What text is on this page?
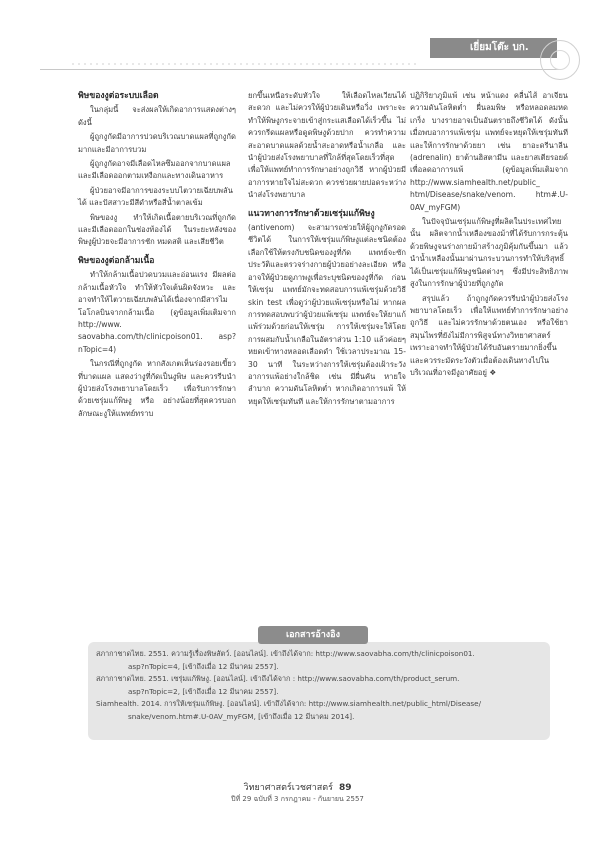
เยี่ยมโต๊ะ บก.
พิษของงูต่อระบบเลือด

ในกลุ่มนี้ จะส่งผลให้เกิดอาการแสดงต่างๆ ดังนี้

ผู้ถูกงูกัดมีอาการปวดบริเวณบาดแผลที่ถูกงูกัดมากและมีอาการบวม

ผู้ถูกงูกัดอาจมีเลือดไหลซึมออกจากบาดแผล และมีเลือดออกตามเหงือกและทางเดินอาหาร

ผู้ป่วยอาจมีอาการของระบบไตวายเฉียบพลันได้ และปัสสาวะมีสีดำหรือสีน้ำตาลเข้ม

พิษของงู ทำให้เกิดเนื้อตายบริเวณที่ถูกกัด และมีเลือดออกในช่องท้องได้ ในระยะหลังของพิษงูผู้ป่วยจะมีอาการชัก หมดสติ และเสียชีวิต

พิษของงูต่อกล้ามเนื้อ

ทำให้กล้ามเนื้อปวดบวมและอ่อนแรง มีผลต่อกล้ามเนื้อหัวใจ ทำให้หัวใจเต้นผิดจังหวะ และอาจทำให้ไตวายเฉียบพลันได้เนื่องจากมีสารไมโอโกลบินจากกล้ามเนื้อ (ดูข้อมูลเพิ่มเติมจาก http://www. saovabha.com/th/clinicpoison01. asp?nTopic=4)

ในกรณีที่ถูกงูกัด หากสังเกตเห็นร่องรอยเขี้ยวที่บาดแผล แสดงว่างูที่กัดเป็นงูพิษ และควรรีบนำผู้ป่วยส่งโรงพยาบาลโดยเร็ว เพื่อรับการรักษาด้วยเซรุ่มแก้พิษงู หรือ อย่างน้อยที่สุดควรบอกลักษณะงูให้แพทย์ทราบ

ยกขึ้นเหนือระดับหัวใจ ให้เลือดไหลเวียนได้สะดวก และไม่ควรให้ผู้ป่วยเดินหรือวิ่ง เพราะจะทำให้พิษงูกระจายเข้าสู่กระแสเลือดได้เร็วขึ้น ไม่ควรกรีดแผลหรือดูดพิษงูด้วยปาก ควรทำความสะอาดบาดแผลด้วยน้ำสะอาดหรือน้ำเกลือ และนำผู้ป่วยส่งโรงพยาบาลที่ใกล้ที่สุดโดยเร็วที่สุด เพื่อให้แพทย์ทำการรักษาอย่างถูกวิธี หากผู้ป่วยมีอาการหายใจไม่สะดวก ควรช่วยผายปอดระหว่างนำส่งโรงพยาบาล

แนวทางการรักษาด้วยเซรุ่มแก้พิษงู

(antivenom) จะสามารถช่วยให้ผู้ถูกงูกัดรอดชีวิตได้ ในการให้เซรุ่มแก้พิษงูแต่ละชนิดต้องเลือกใช้ให้ตรงกับชนิดของงูที่กัด แพทย์จะซักประวัติและตรวจร่างกายผู้ป่วยอย่างละเอียด หรืออาจให้ผู้ป่วยดูภาพงูเพื่อระบุชนิดของงูที่กัด ก่อนให้เซรุ่ม แพทย์มักจะทดสอบการแพ้เซรุ่มด้วยวิธี skin test เพื่อดูว่าผู้ป่วยแพ้เซรุ่มหรือไม่ หากผลการทดสอบพบว่าผู้ป่วยแพ้เซรุ่ม แพทย์จะให้ยาแก้แพ้ร่วมด้วยก่อนให้เซรุ่ม การให้เซรุ่มจะให้โดยการผสมกับน้ำเกลือในอัตราส่วน 1:10 แล้วค่อยๆ หยดเข้าทางหลอดเลือดดำ ใช้เวลาประมาณ 15-30 นาที ในระหว่างการให้เซรุ่มต้องเฝ้าระวังอาการแพ้อย่างใกล้ชิด เช่น มีผื่นคัน หายใจลำบาก ความดันโลหิตต่ำ หากเกิดอาการแพ้ ให้หยุดให้เซรุ่มทันที และให้การรักษาตามอาการ

ปฏิกิริยาภูมิแพ้ เช่น หน้าแดง คลื่นไส้ อาเจียน ความดันโลหิตต่ำ ผื่นลมพิษ หรือหลอดลมหดเกร็ง บางรายอาจเป็นอันตรายถึงชีวิตได้ ดังนั้น เมื่อพบอาการแพ้เซรุ่ม แพทย์จะหยุดให้เซรุ่มทันที และให้การรักษาด้วยยา เช่น ยาอะดรีนาลีน (adrenalin) ยาต้านฮิสตามีน และยาสเตียรอยด์ เพื่อลดอาการแพ้ (ดูข้อมูลเพิ่มเติมจาก http://www.siamhealth.net/public_ html/Disease/snake/venom. htm#.U-0AV_myFGM)

ในปัจจุบันเซรุ่มแก้พิษงูที่ผลิตในประเทศไทยนั้น ผลิตจากน้ำเหลืองของม้าที่ได้รับการกระตุ้นด้วยพิษงูจนร่างกายม้าสร้างภูมิคุ้มกันขึ้นมา แล้วนำน้ำเหลืองนั้นมาผ่านกระบวนการทำให้บริสุทธิ์ ได้เป็นเซรุ่มแก้พิษงูชนิดต่างๆ ซึ่งมีประสิทธิภาพสูงในการรักษาผู้ป่วยที่ถูกงูกัด

สรุปแล้ว ถ้าถูกงูกัดควรรีบนำผู้ป่วยส่งโรงพยาบาลโดยเร็ว เพื่อให้แพทย์ทำการรักษาอย่างถูกวิธี และไม่ควรรักษาด้วยตนเอง หรือใช้ยาสมุนไพรที่ยังไม่มีการพิสูจน์ทางวิทยาศาสตร์ เพราะอาจทำให้ผู้ป่วยได้รับอันตรายมากยิ่งขึ้น และควรระมัดระวังตัวเมื่อต้องเดินทางไปในบริเวณที่อาจมีงูอาศัยอยู่ ❖

เอกสารอ้างอิง
สภากาชาดไทย. 2551. ความรู้เรื่องพิษสัตว์. [ออนไลน์]. เข้าถึงได้จาก: http://www.saovabha.com/th/clinicpoison01.
asp?nTopic=4, [เข้าถึงเมื่อ 12 มีนาคม 2557].
สภากาชาดไทย. 2551. เซรุ่มแก้พิษงู. [ออนไลน์]. เข้าถึงได้จาก : http://www.saovabha.com/th/product_serum.
asp?nTopic=2, [เข้าถึงเมื่อ 12 มีนาคม 2557].
Siamhealth. 2014. การให้เซรุ่มแก้พิษงู. [ออนไลน์]. เข้าถึงได้จาก: http://www.siamhealth.net/public_html/Disease/
snake/venom.htm#.U-0AV_myFGM, [เข้าถึงเมื่อ 12 มีนาคม 2014].
วิทยาศาสตร์เวชศาสตร์ 89
ปีที่ 29 ฉบับที่ 3 กรกฎาคม - กันยายน 2557
